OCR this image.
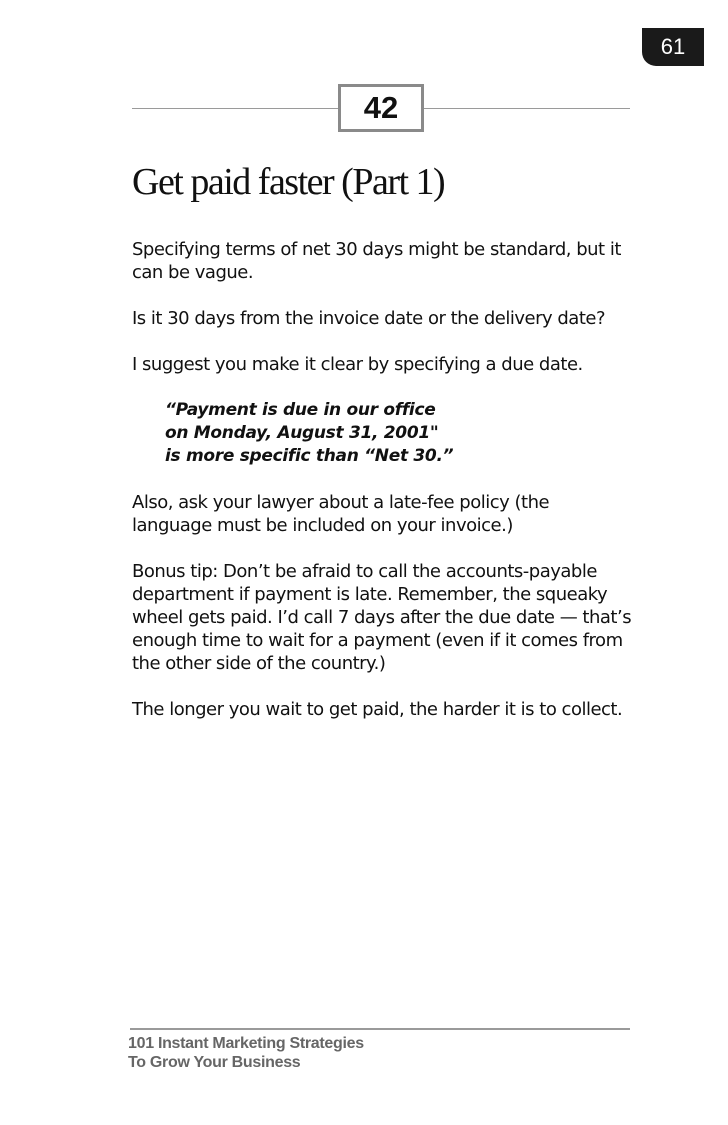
61
42
Get paid faster (Part 1)

Specifying terms of net 30 days might be standard, but it can be vague.

Is it 30 days from the invoice date or the delivery date?

I suggest you make it clear by specifying a due date.

“Payment is due in our office
on Monday, August 31, 2001"
is more specific than “Net 30.”

Also, ask your lawyer about a late-fee policy (the language must be included on your invoice.)

Bonus tip: Don’t be afraid to call the accounts-payable department if payment is late. Remember, the squeaky wheel gets paid. I’d call 7 days after the due date — that’s enough time to wait for a payment (even if it comes from the other side of the country.)

The longer you wait to get paid, the harder it is to collect.

101 Instant Marketing Strategies
To Grow Your Business
